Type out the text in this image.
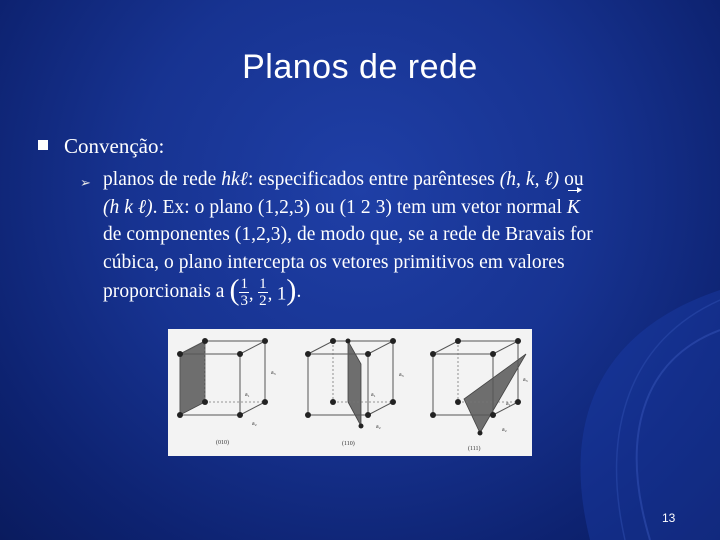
Planos de rede
Convenção:
➢ planos de rede hkℓ: especificados entre parênteses (h, k, ℓ) ou
(h k ℓ). Ex: o plano (1,2,3) ou (1 2 3) tem um vetor normal K
de componentes (1,2,3), de modo que, se a rede de Bravais for
cúbica, o plano intercepta os vetores primitivos em valores
proporcionais a ( $\frac{1}{3}$ , $\frac{1}{2}$ , 1).
a₁
a₂
a₃
(010)
a₁
a₂
a₃
(110)
a₁
a₂
a₃
(111)
13
